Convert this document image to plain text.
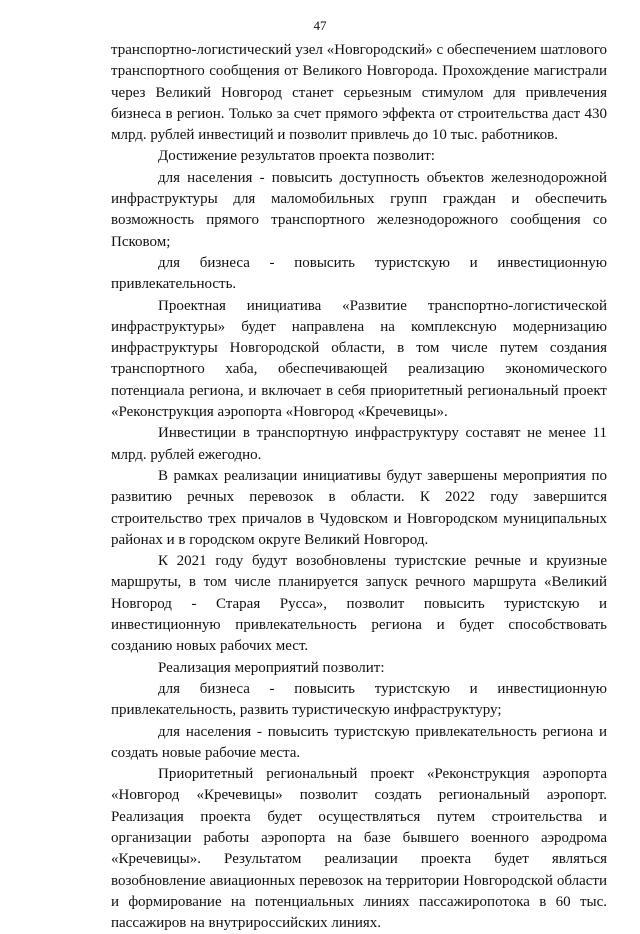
47

транспортно-логистический узел «Новгородский» с обеспечением шатлового транспортного сообщения от Великого Новгорода. Прохождение магистрали через Великий Новгород станет серьезным стимулом для привлечения бизнеса в регион. Только за счет прямого эффекта от строительства даст 430 млрд. рублей инвестиций и позволит привлечь до 10 тыс. работников.

Достижение результатов проекта позволит:

для населения - повысить доступность объектов железнодорожной инфраструктуры для маломобильных групп граждан и обеспечить возможность прямого транспортного железнодорожного сообщения со Псковом;

для бизнеса - повысить туристскую и инвестиционную привлекательность.

Проектная инициатива «Развитие транспортно-логистической инфраструктуры» будет направлена на комплексную модернизацию инфраструктуры Новгородской области, в том числе путем создания транспортного хаба, обеспечивающей реализацию экономического потенциала региона, и включает в себя приоритетный региональный проект «Реконструкция аэропорта «Новгород «Кречевицы».

Инвестиции в транспортную инфраструктуру составят не менее 11 млрд. рублей ежегодно.

В рамках реализации инициативы будут завершены мероприятия по развитию речных перевозок в области. К 2022 году завершится строительство трех причалов в Чудовском и Новгородском муниципальных районах и в городском округе Великий Новгород.

К 2021 году будут возобновлены туристские речные и круизные маршруты, в том числе планируется запуск речного маршрута «Великий Новгород - Старая Русса», позволит повысить туристскую и инвестиционную привлекательность региона и будет способствовать созданию новых рабочих мест.

Реализация мероприятий позволит:

для бизнеса - повысить туристскую и инвестиционную привлекательность, развить туристическую инфраструктуру;

для населения - повысить туристскую привлекательность региона и создать новые рабочие места.

Приоритетный региональный проект «Реконструкция аэропорта «Новгород «Кречевицы» позволит создать региональный аэропорт. Реализация проекта будет осуществляться путем строительства и организации работы аэропорта на базе бывшего военного аэродрома «Кречевицы». Результатом реализации проекта будет являться возобновление авиационных перевозок на территории Новгородской области и формирование на потенциальных линиях пассажиропотока в 60 тыс. пассажиров на внутрироссийских линиях.
